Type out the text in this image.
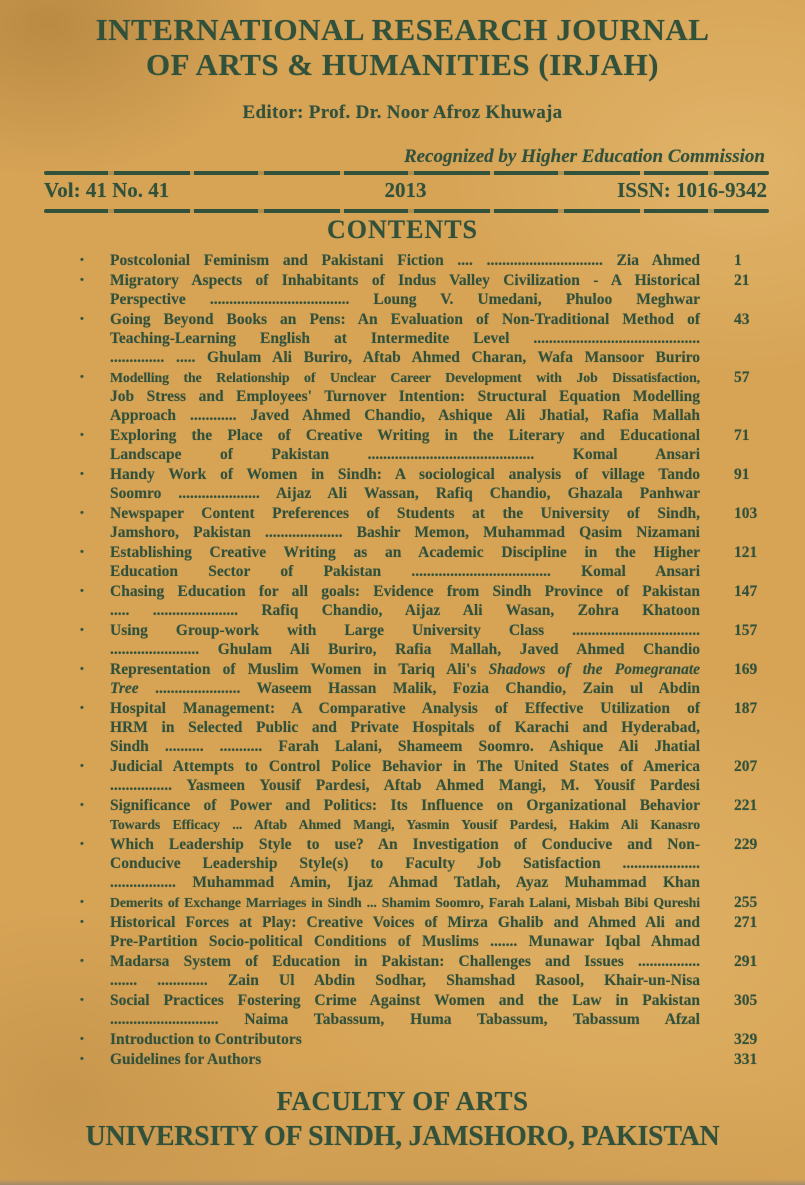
INTERNATIONAL RESEARCH JOURNAL
OF ARTS & HUMANITIES (IRJAH)
Editor: Prof. Dr. Noor Afroz Khuwaja
Recognized by Higher Education Commission
Vol: 41 No. 41	2013	ISSN: 1016-9342
CONTENTS
•	Postcolonial Feminism and Pakistani Fiction .... .............................. Zia Ahmed	1
•	Migratory Aspects of Inhabitants of Indus Valley Civilization - A Historical
Perspective .................................... Loung V. Umedani, Phuloo Meghwar
21
•	Going Beyond Books an Pens: An Evaluation of Non-Traditional Method of
Teaching-Learning English at Intermedite Level ...........................................
.............. ..... Ghulam Ali Buriro, Aftab Ahmed Charan, Wafa Mansoor Buriro
43
•	Modelling the Relationship of Unclear Career Development with Job Dissatisfaction,
Job Stress and Employees' Turnover Intention: Structural Equation Modelling
Approach ............ Javed Ahmed Chandio, Ashique Ali Jhatial, Rafia Mallah
57
•	Exploring the Place of Creative Writing in the Literary and Educational
Landscape of Pakistan ........................................... Komal Ansari
71
•	Handy Work of Women in Sindh: A sociological analysis of village Tando
Soomro ..................... Aijaz Ali Wassan, Rafiq Chandio, Ghazala Panhwar
91
•	Newspaper Content Preferences of Students at the University of Sindh,
Jamshoro, Pakistan .................... Bashir Memon, Muhammad Qasim Nizamani
103
•	Establishing Creative Writing as an Academic Discipline in the Higher
Education Sector of Pakistan .................................... Komal Ansari
121
•	Chasing Education for all goals: Evidence from Sindh Province of Pakistan
..... ...................... Rafiq Chandio, Aijaz Ali Wasan, Zohra Khatoon
147
•	Using Group-work with Large University Class .................................
....................... Ghulam Ali Buriro, Rafia Mallah, Javed Ahmed Chandio
157
•	Representation of Muslim Women in Tariq Ali's Shadows of the Pomegranate
Tree ...................... Waseem Hassan Malik, Fozia Chandio, Zain ul Abdin
169
•	Hospital Management: A Comparative Analysis of Effective Utilization of
HRM in Selected Public and Private Hospitals of Karachi and Hyderabad,
Sindh .......... ........... Farah Lalani, Shameem Soomro. Ashique Ali Jhatial
187
•	Judicial Attempts to Control Police Behavior in The United States of America
................ Yasmeen Yousif Pardesi, Aftab Ahmed Mangi, M. Yousif Pardesi
207
•	Significance of Power and Politics: Its Influence on Organizational Behavior
Towards Efficacy ... Aftab Ahmed Mangi, Yasmin Yousif Pardesi, Hakim Ali Kanasro
221
•	Which Leadership Style to use? An Investigation of Conducive and Non-
Conducive Leadership Style(s) to Faculty Job Satisfaction ....................
................. Muhammad Amin, Ijaz Ahmad Tatlah, Ayaz Muhammad Khan
229
•	Demerits of Exchange Marriages in Sindh ... Shamim Soomro, Farah Lalani, Misbah Bibi Qureshi	255
•	Historical Forces at Play: Creative Voices of Mirza Ghalib and Ahmed Ali and
Pre-Partition Socio-political Conditions of Muslims ....... Munawar Iqbal Ahmad
271
•	Madarsa System of Education in Pakistan: Challenges and Issues ................
....... ............. Zain Ul Abdin Sodhar, Shamshad Rasool, Khair-un-Nisa
291
•	Social Practices Fostering Crime Against Women and the Law in Pakistan
............................ Naima Tabassum, Huma Tabassum, Tabassum Afzal
305
•	Introduction to Contributors	329
•	Guidelines for Authors	331
FACULTY OF ARTS
UNIVERSITY OF SINDH, JAMSHORO, PAKISTAN
